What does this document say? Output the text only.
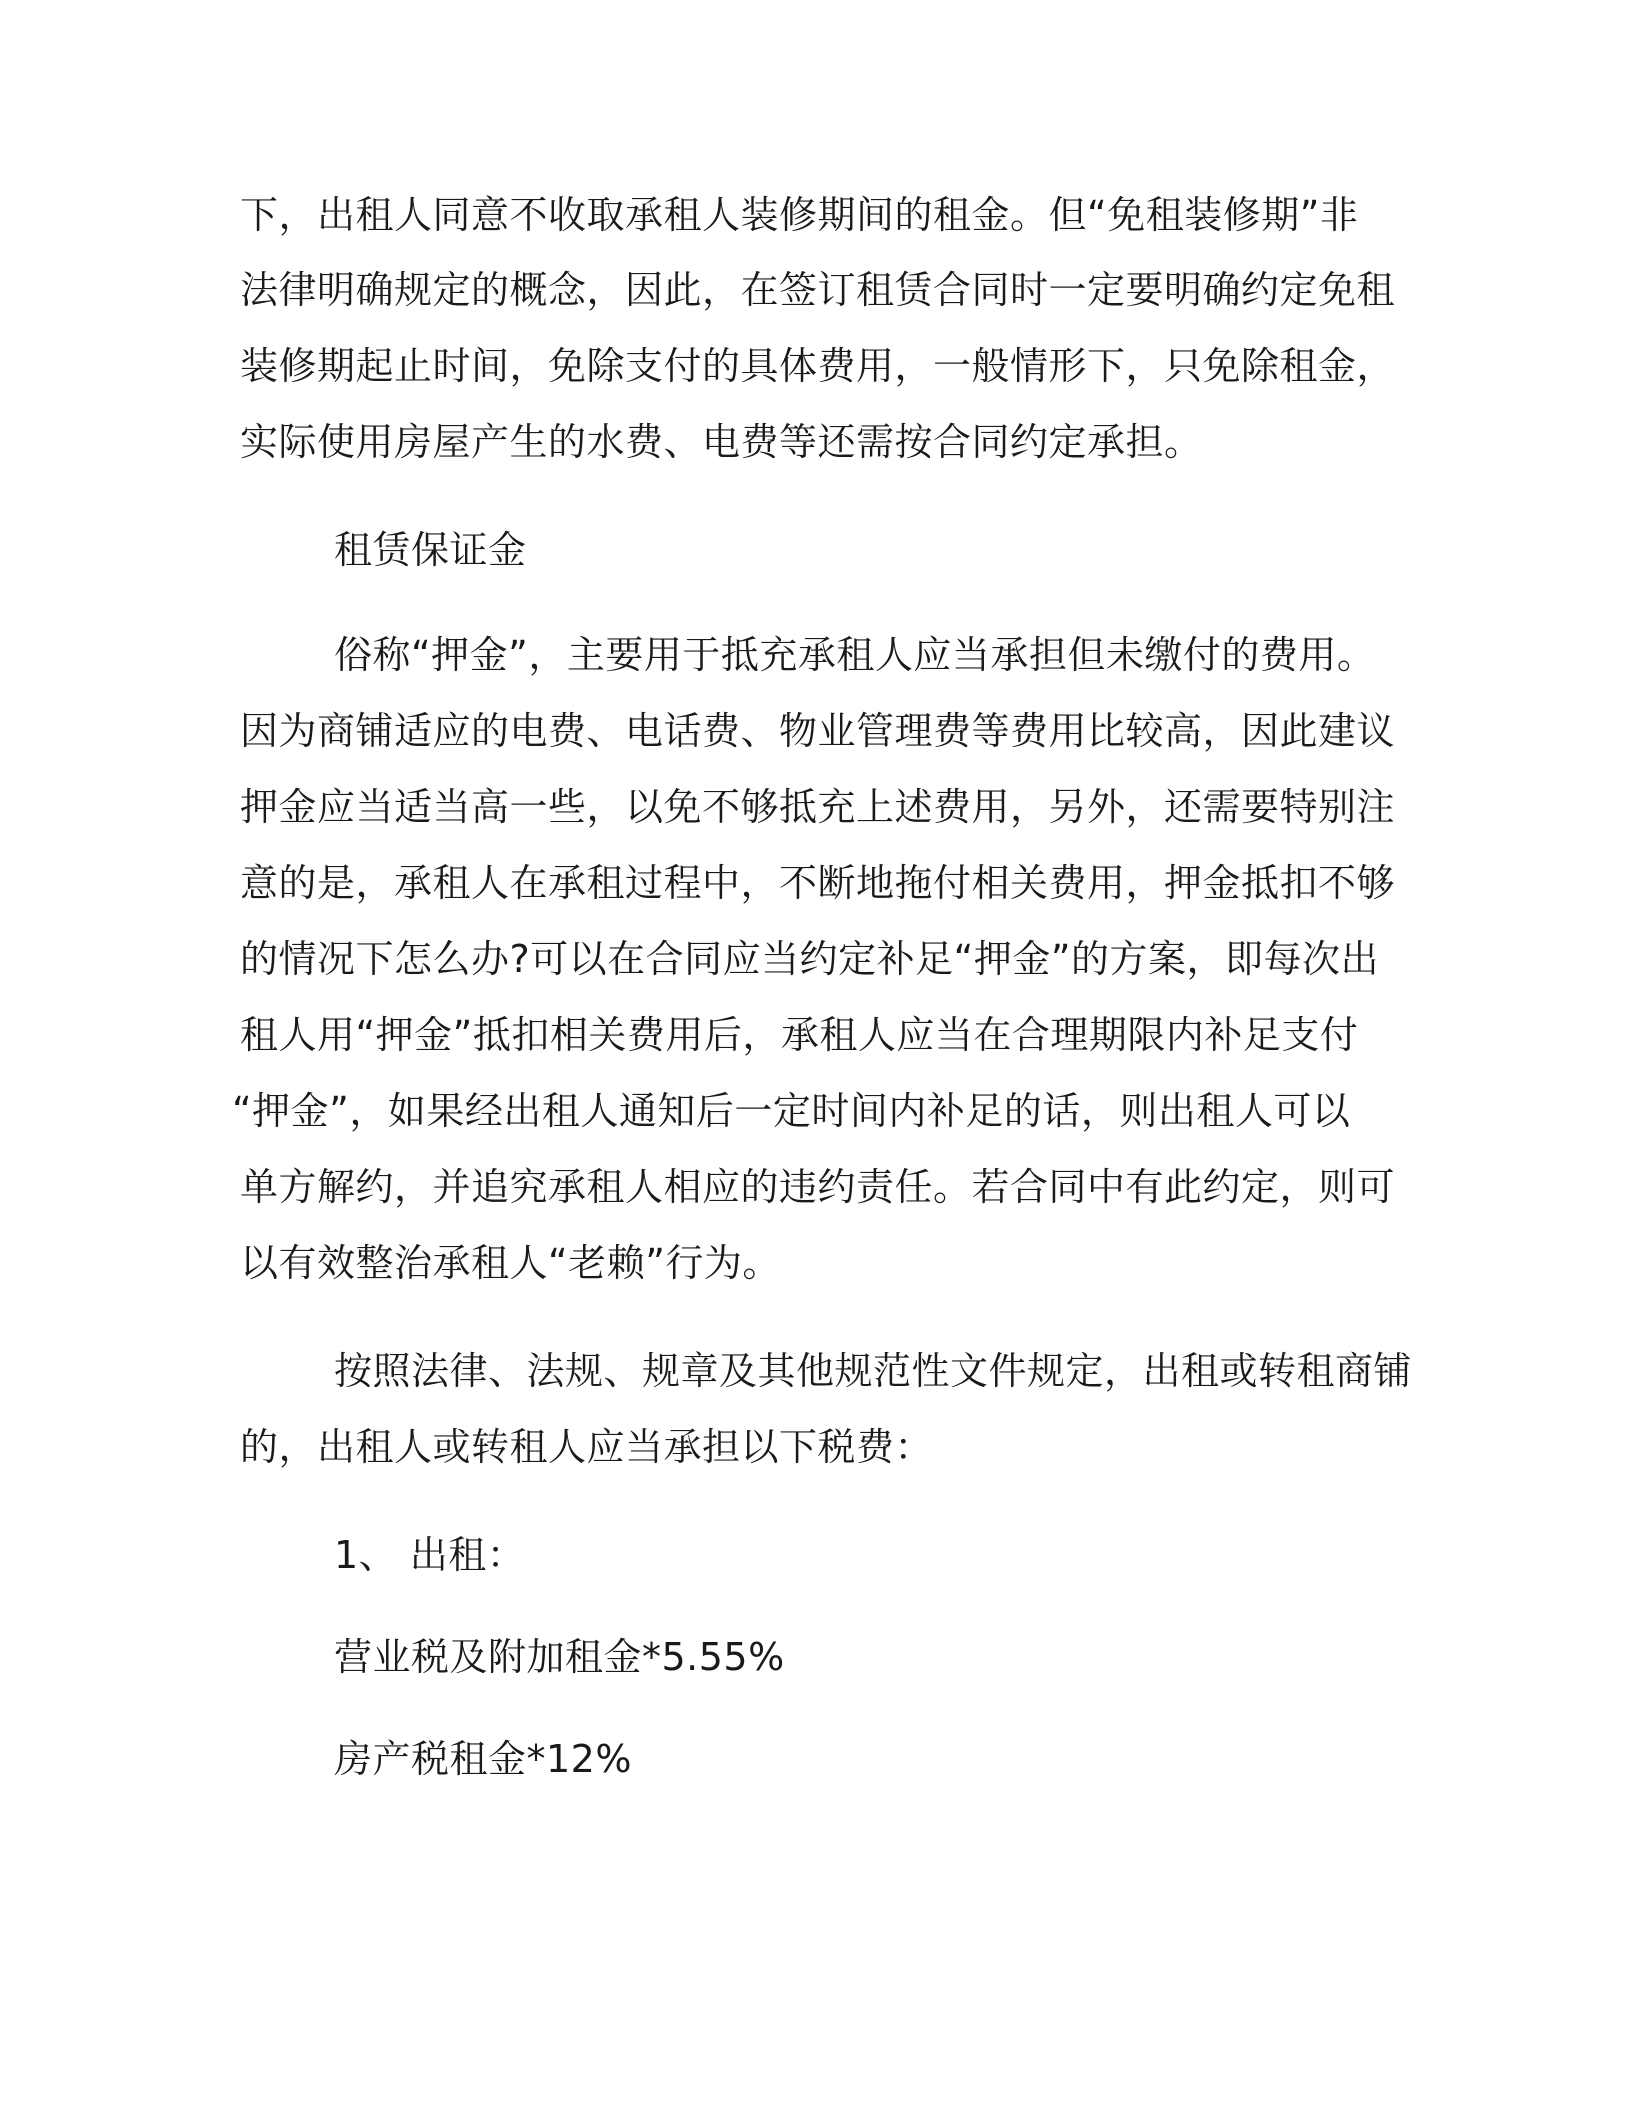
下，出租人同意不收取承租人装修期间的租金。但“免租装修期”非
法律明确规定的概念，因此，在签订租赁合同时一定要明确约定免租
装修期起止时间，免除支付的具体费用，一般情形下，只免除租金，
实际使用房屋产生的水费、电费等还需按合同约定承担。
租赁保证金
俗称“押金”，主要用于抵充承租人应当承担但未缴付的费用。
因为商铺适应的电费、电话费、物业管理费等费用比较高，因此建议
押金应当适当高一些，以免不够抵充上述费用，另外，还需要特别注
意的是，承租人在承租过程中，不断地拖付相关费用，押金抵扣不够
的情况下怎么办?可以在合同应当约定补足“押金”的方案，即每次出
租人用“押金”抵扣相关费用后，承租人应当在合理期限内补足支付
“押金”，如果经出租人通知后一定时间内补足的话，则出租人可以
单方解约，并追究承租人相应的违约责任。若合同中有此约定，则可
以有效整治承租人“老赖”行为。
按照法律、法规、规章及其他规范性文件规定，出租或转租商铺
的，出租人或转租人应当承担以下税费：
1、 出租：
营业税及附加租金*5.55%
房产税租金*12%
